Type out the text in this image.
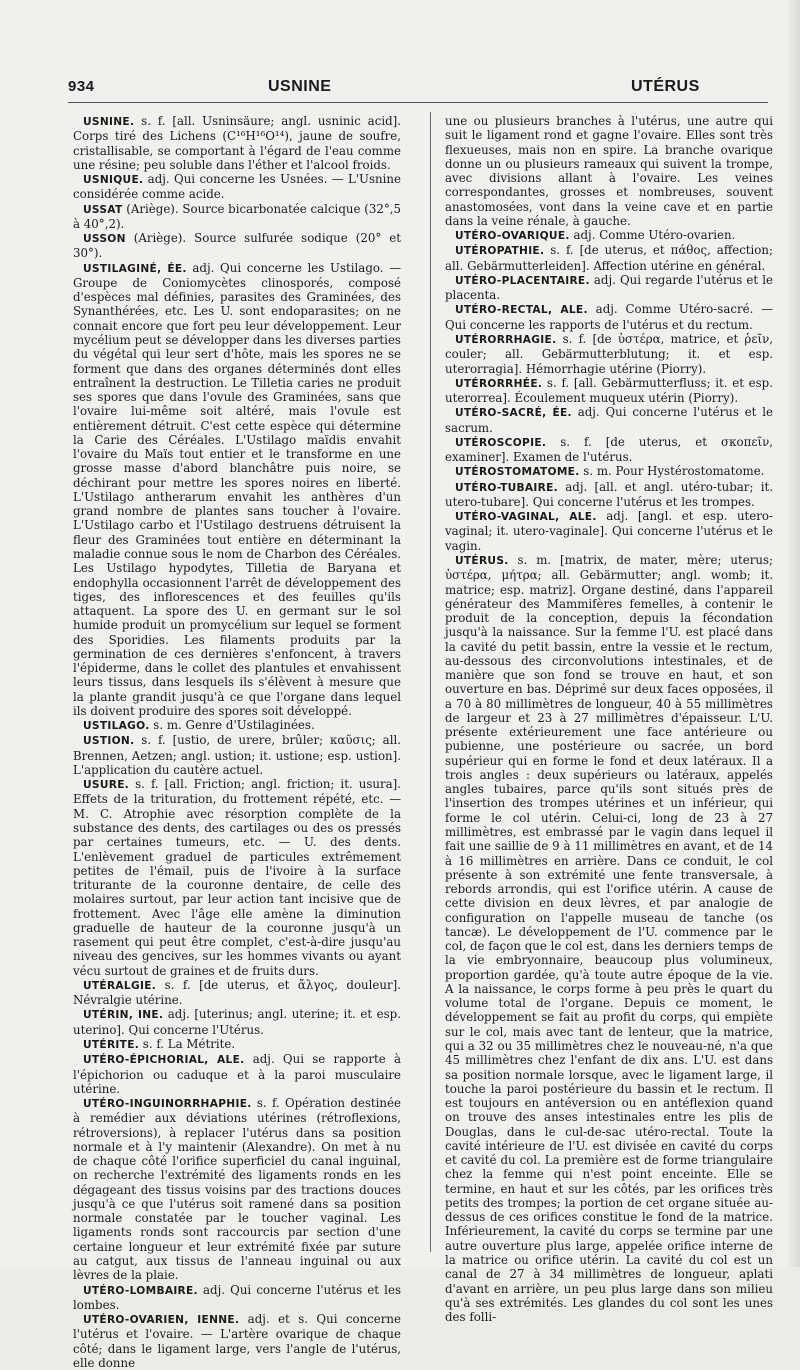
934	USNINE	UTÉRUS

USNINE. s. f. [all. Usninsäure; angl. usninic acid]. Corps tiré des Lichens (C¹⁶H¹⁶O¹⁴), jaune de soufre, cristallisable, se comportant à l'égard de l'eau comme une résine; peu soluble dans l'éther et l'alcool froids.

USNIQUE. adj. Qui concerne les Usnées. — L'Usnine considérée comme acide.

USSAT (Ariège). Source bicarbonatée calcique (32°,5 à 40°,2).

USSON (Ariège). Source sulfurée sodique (20° et 30°).

USTILAGINÉ, ÉE. adj. Qui concerne les Ustilago. — Groupe de Coniomycètes clinosporés, composé d'espèces mal définies, parasites des Graminées, des Synanthérées, etc. Les U. sont endoparasites; on ne connait encore que fort peu leur développement. Leur mycélium peut se développer dans les diverses parties du végétal qui leur sert d'hôte, mais les spores ne se forment que dans des organes déterminés dont elles entraînent la destruction. Le Tilletia caries ne produit ses spores que dans l'ovule des Graminées, sans que l'ovaire lui-même soit altéré, mais l'ovule est entièrement détruit. C'est cette espèce qui détermine la Carie des Céréales. L'Ustilago maïdis envahit l'ovaire du Maïs tout entier et le transforme en une grosse masse d'abord blanchâtre puis noire, se déchirant pour mettre les spores noires en liberté. L'Ustilago antherarum envahit les anthères d'un grand nombre de plantes sans toucher à l'ovaire. L'Ustilago carbo et l'Ustilago destruens détruisent la fleur des Graminées tout entière en déterminant la maladie connue sous le nom de Charbon des Céréales. Les Ustilago hypodytes, Tilletia de Baryana et endophylla occasionnent l'arrêt de développement des tiges, des inflorescences et des feuilles qu'ils attaquent. La spore des U. en germant sur le sol humide produit un promycélium sur lequel se forment des Sporidies. Les filaments produits par la germination de ces dernières s'enfoncent, à travers l'épiderme, dans le collet des plantules et envahissent leurs tissus, dans lesquels ils s'élèvent à mesure que la plante grandit jusqu'à ce que l'organe dans lequel ils doivent produire des spores soit développé.

USTILAGO. s. m. Genre d'Ustilaginées.

USTION. s. f. [ustio, de urere, brûler; καῦσις; all. Brennen, Aetzen; angl. ustion; it. ustione; esp. ustion]. L'application du cautère actuel.

USURE. s. f. [all. Friction; angl. friction; it. usura]. Effets de la trituration, du frottement répété, etc. — M. C. Atrophie avec résorption complète de la substance des dents, des cartilages ou des os pressés par certaines tumeurs, etc. — U. des dents. L'enlèvement graduel de particules extrêmement petites de l'émail, puis de l'ivoire à la surface triturante de la couronne dentaire, de celle des molaires surtout, par leur action tant incisive que de frottement. Avec l'âge elle amène la diminution graduelle de hauteur de la couronne jusqu'à un rasement qui peut être complet, c'est-à-dire jusqu'au niveau des gencives, sur les hommes vivants ou ayant vécu surtout de graines et de fruits durs.

UTÉRALGIE. s. f. [de uterus, et ἄλγος, douleur]. Névralgie utérine.

UTÉRIN, INE. adj. [uterinus; angl. uterine; it. et esp. uterino]. Qui concerne l'Utérus.

UTÉRITE. s. f. La Métrite.

UTÉRO-ÉPICHORIAL, ALE. adj. Qui se rapporte à l'épichorion ou caduque et à la paroi musculaire utérine.

UTÉRO-INGUINORRHAPHIE. s. f. Opération destinée à remédier aux déviations utérines (rétroflexions, rétroversions), à replacer l'utérus dans sa position normale et à l'y maintenir (Alexandre). On met à nu de chaque côté l'orifice superficiel du canal inguinal, on recherche l'extrémité des ligaments ronds en les dégageant des tissus voisins par des tractions douces jusqu'à ce que l'utérus soit ramené dans sa position normale constatée par le toucher vaginal. Les ligaments ronds sont raccourcis par section d'une certaine longueur et leur extrémité fixée par suture au catgut, aux tissus de l'anneau inguinal ou aux lèvres de la plaie.

UTÉRO-LOMBAIRE. adj. Qui concerne l'utérus et les lombes.

UTÉRO-OVARIEN, IENNE. adj. et s. Qui concerne l'utérus et l'ovaire. — L'artère ovarique de chaque côté; dans le ligament large, vers l'angle de l'utérus, elle donne

une ou plusieurs branches à l'utérus, une autre qui suit le ligament rond et gagne l'ovaire. Elles sont très flexueuses, mais non en spire. La branche ovarique donne un ou plusieurs rameaux qui suivent la trompe, avec divisions allant à l'ovaire. Les veines correspondantes, grosses et nombreuses, souvent anastomosées, vont dans la veine cave et en partie dans la veine rénale, à gauche.

UTÉRO-OVARIQUE. adj. Comme Utéro-ovarien.

UTÉROPATHIE. s. f. [de uterus, et πάθος, affection; all. Gebärmutterleiden]. Affection utérine en général.

UTÉRO-PLACENTAIRE. adj. Qui regarde l'utérus et le placenta.

UTÉRO-RECTAL, ALE. adj. Comme Utéro-sacré. — Qui concerne les rapports de l'utérus et du rectum.

UTÉRORRHAGIE. s. f. [de ὑστέρα, matrice, et ῥεῖν, couler; all. Gebärmutterblutung; it. et esp. uterorragia]. Hémorrhagie utérine (Piorry).

UTÉRORRHÉE. s. f. [all. Gebärmutterfluss; it. et esp. uterorrea]. Écoulement muqueux utérin (Piorry).

UTÉRO-SACRÉ, ÉE. adj. Qui concerne l'utérus et le sacrum.

UTÉROSCOPIE. s. f. [de uterus, et σκοπεῖν, examiner]. Examen de l'utérus.

UTÉROSTOMATOME. s. m. Pour Hystérostomatome.

UTÉRO-TUBAIRE. adj. [all. et angl. utéro-tubar; it. utero-tubare]. Qui concerne l'utérus et les trompes.

UTÉRO-VAGINAL, ALE. adj. [angl. et esp. utero-vaginal; it. utero-vaginale]. Qui concerne l'utérus et le vagin.

UTÉRUS. s. m. [matrix, de mater, mère; uterus; ὑστέρα, μήτρα; all. Gebärmutter; angl. womb; it. matrice; esp. matriz]. Organe destiné, dans l'appareil générateur des Mammifères femelles, à contenir le produit de la conception, depuis la fécondation jusqu'à la naissance. Sur la femme l'U. est placé dans la cavité du petit bassin, entre la vessie et le rectum, au-dessous des circonvolutions intestinales, et de manière que son fond se trouve en haut, et son ouverture en bas. Déprimé sur deux faces opposées, il a 70 à 80 millimètres de longueur, 40 à 55 millimètres de largeur et 23 à 27 millimètres d'épaisseur. L'U. présente extérieurement une face antérieure ou pubienne, une postérieure ou sacrée, un bord supérieur qui en forme le fond et deux latéraux. Il a trois angles : deux supérieurs ou latéraux, appelés angles tubaires, parce qu'ils sont situés près de l'insertion des trompes utérines et un inférieur, qui forme le col utérin. Celui-ci, long de 23 à 27 millimètres, est embrassé par le vagin dans lequel il fait une saillie de 9 à 11 millimètres en avant, et de 14 à 16 millimètres en arrière. Dans ce conduit, le col présente à son extrémité une fente transversale, à rebords arrondis, qui est l'orifice utérin. A cause de cette division en deux lèvres, et par analogie de configuration on l'appelle museau de tanche (os tancæ). Le développement de l'U. commence par le col, de façon que le col est, dans les derniers temps de la vie embryonnaire, beaucoup plus volumineux, proportion gardée, qu'à toute autre époque de la vie. A la naissance, le corps forme à peu près le quart du volume total de l'organe. Depuis ce moment, le développement se fait au profit du corps, qui empiète sur le col, mais avec tant de lenteur, que la matrice, qui a 32 ou 35 millimètres chez le nouveau-né, n'a que 45 millimètres chez l'enfant de dix ans. L'U. est dans sa position normale lorsque, avec le ligament large, il touche la paroi postérieure du bassin et le rectum. Il est toujours en antéversion ou en antéflexion quand on trouve des anses intestinales entre les plis de Douglas, dans le cul-de-sac utéro-rectal. Toute la cavité intérieure de l'U. est divisée en cavité du corps et cavité du col. La première est de forme triangulaire chez la femme qui n'est point enceinte. Elle se termine, en haut et sur les côtés, par les orifices très petits des trompes; la portion de cet organe située au-dessus de ces orifices constitue le fond de la matrice. Inférieurement, la cavité du corps se termine par une autre ouverture plus large, appelée orifice interne de la matrice ou orifice utérin. La cavité du col est un canal de 27 à 34 millimètres de longueur, aplati d'avant en arrière, un peu plus large dans son milieu qu'à ses extrémités. Les glandes du col sont les unes des folli-
